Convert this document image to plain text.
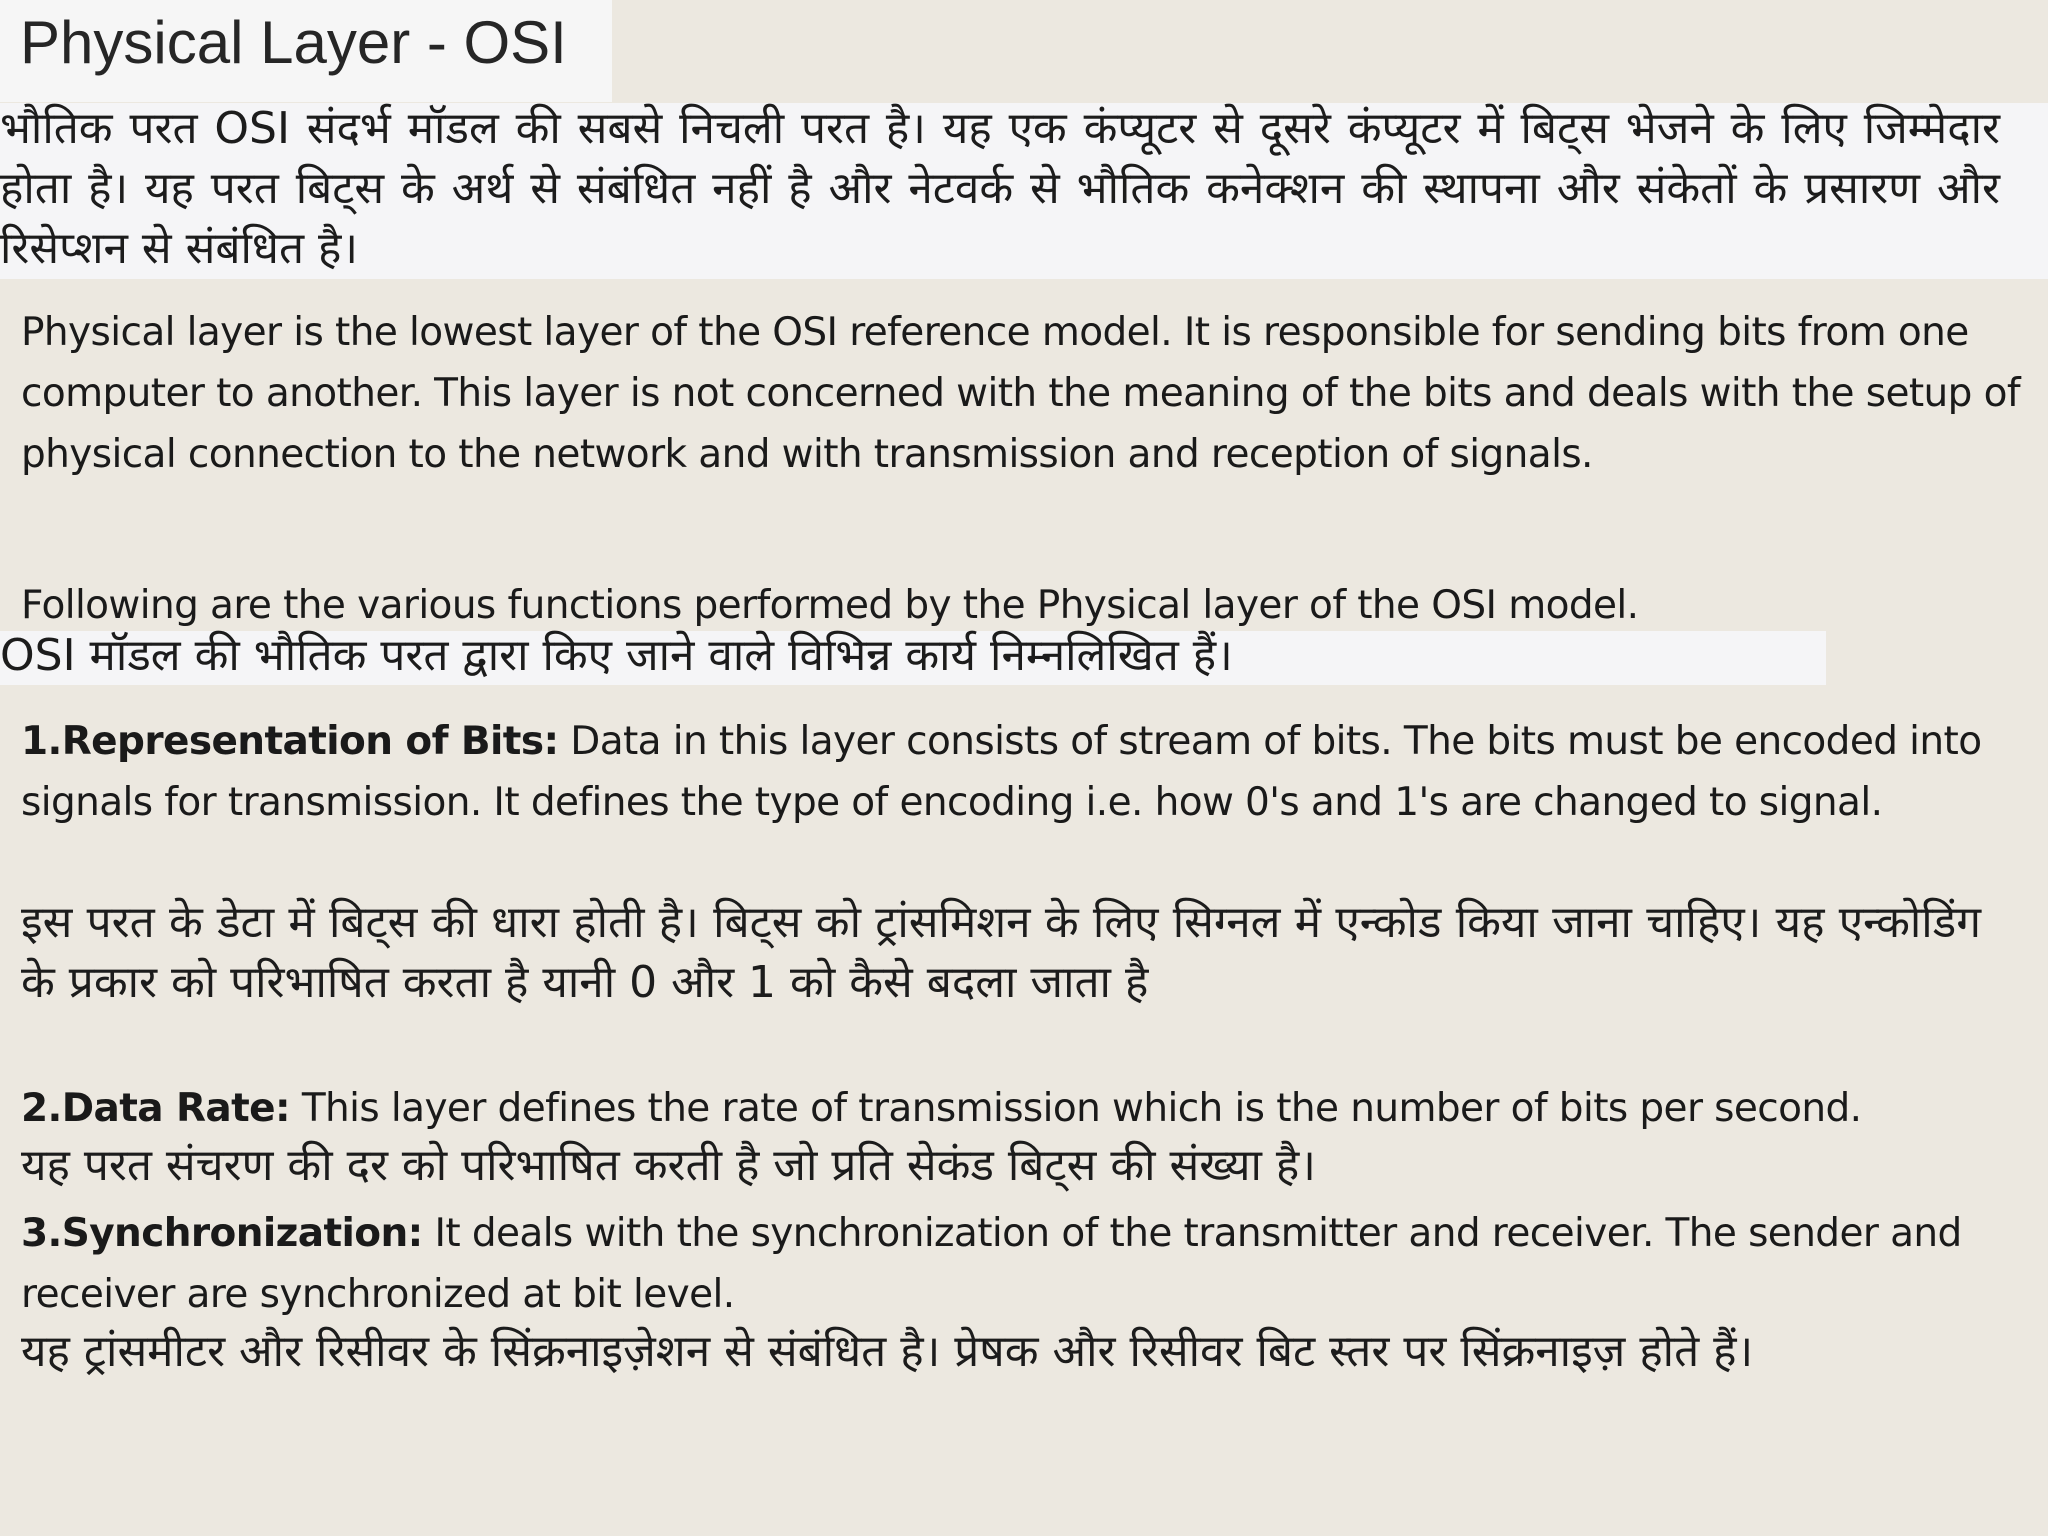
Physical Layer - OSI
भौतिक परत OSI संदर्भ मॉडल की सबसे निचली परत है। यह एक कंप्यूटर से दूसरे कंप्यूटर में बिट्स भेजने के लिए जिम्मेदार होता है। यह परत बिट्स के अर्थ से संबंधित नहीं है और नेटवर्क से भौतिक कनेक्शन की स्थापना और संकेतों के प्रसारण और रिसेप्शन से संबंधित है।
Physical layer is the lowest layer of the OSI reference model. It is responsible for sending bits from one computer to another. This layer is not concerned with the meaning of the bits and deals with the setup of physical connection to the network and with transmission and reception of signals.
Following are the various functions performed by the Physical layer of the OSI model.
OSI मॉडल की भौतिक परत द्वारा किए जाने वाले विभिन्न कार्य निम्नलिखित हैं।
1.Representation of Bits: Data in this layer consists of stream of bits. The bits must be encoded into signals for transmission. It defines the type of encoding i.e. how 0's and 1's are changed to signal.
इस परत के डेटा में बिट्स की धारा होती है। बिट्स को ट्रांसमिशन के लिए सिग्नल में एन्कोड किया जाना चाहिए। यह एन्कोडिंग के प्रकार को परिभाषित करता है यानी 0 और 1 को कैसे बदला जाता है
2.Data Rate: This layer defines the rate of transmission which is the number of bits per second.
यह परत संचरण की दर को परिभाषित करती है जो प्रति सेकंड बिट्स की संख्या है।
3.Synchronization: It deals with the synchronization of the transmitter and receiver. The sender and receiver are synchronized at bit level.
यह ट्रांसमीटर और रिसीवर के सिंक्रनाइज़ेशन से संबंधित है। प्रेषक और रिसीवर बिट स्तर पर सिंक्रनाइज़ होते हैं।
